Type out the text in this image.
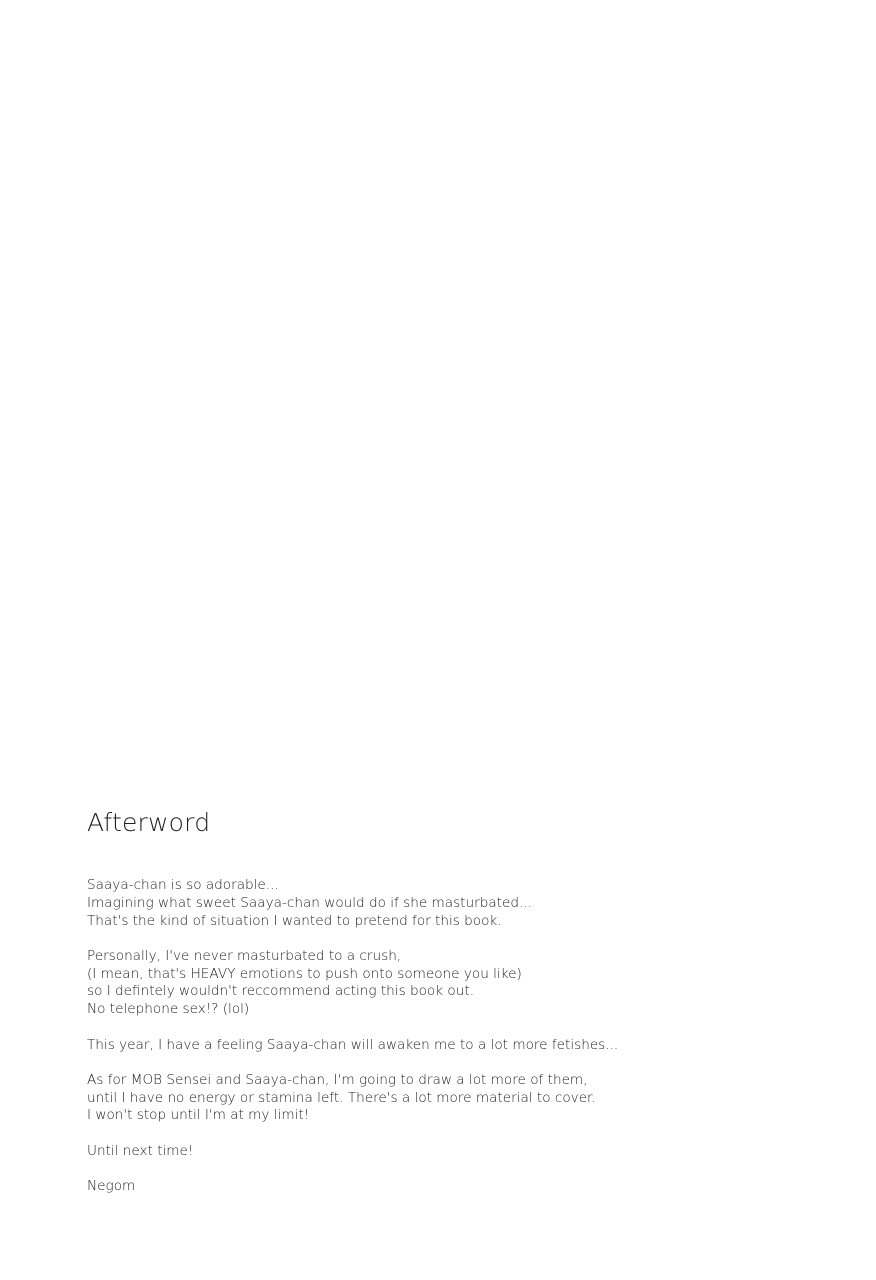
Afterword
Saaya-chan is so adorable...
Imagining what sweet Saaya-chan would do if she masturbated...
That's the kind of situation I wanted to pretend for this book.
Personally, I've never masturbated to a crush,
(I mean, that's HEAVY emotions to push onto someone you like)
so I defintely wouldn't reccommend acting this book out.
No telephone sex!? (lol)
This year, I have a feeling Saaya-chan will awaken me to a lot more fetishes...
As for MOB Sensei and Saaya-chan, I'm going to draw a lot more of them,
until I have no energy or stamina left. There's a lot more material to cover.
I won't stop until I'm at my limit!
Until next time!
Negom
